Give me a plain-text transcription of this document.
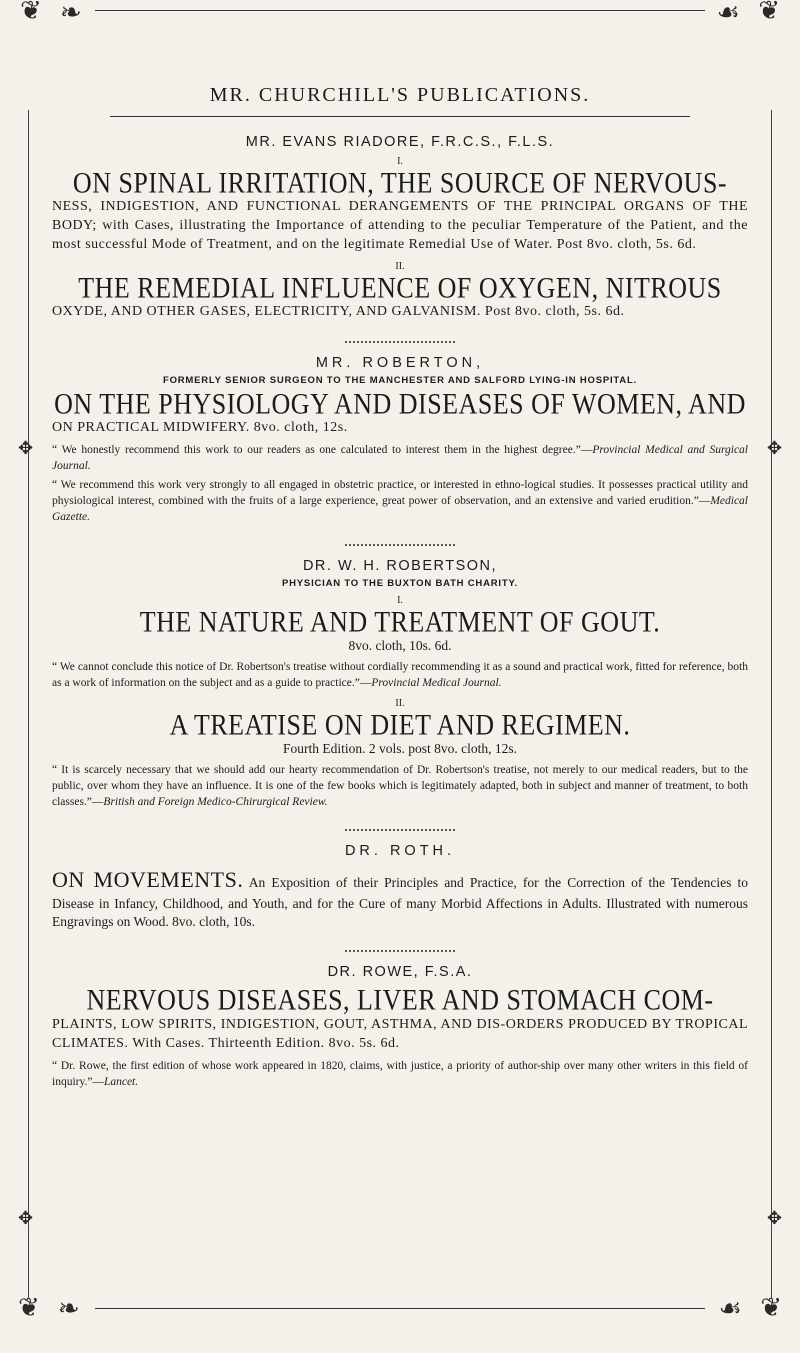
❦ ❧	❦
☙
❦ ❧	❦
☙
✥	✥
✥	✥
MR. CHURCHILL'S PUBLICATIONS.
MR. EVANS RIADORE, F.R.C.S., F.L.S.
I.
ON SPINAL IRRITATION, THE SOURCE OF NERVOUS-
NESS, INDIGESTION, AND FUNCTIONAL DERANGEMENTS OF THE PRINCIPAL ORGANS OF THE BODY; with Cases, illustrating the Importance of attending to the peculiar Temperature of the Patient, and the most successful Mode of Treatment, and on the legitimate Remedial Use of Water. Post 8vo. cloth, 5s. 6d.
II.
THE REMEDIAL INFLUENCE OF OXYGEN, NITROUS
OXYDE, AND OTHER GASES, ELECTRICITY, AND GALVANISM. Post 8vo. cloth, 5s. 6d.
MR. ROBERTON,
FORMERLY SENIOR SURGEON TO THE MANCHESTER AND SALFORD LYING-IN HOSPITAL.
ON THE PHYSIOLOGY AND DISEASES OF WOMEN, AND
ON PRACTICAL MIDWIFERY. 8vo. cloth, 12s.
“ We honestly recommend this work to our readers as one calculated to interest them in the highest degree.”—Provincial Medical and Surgical Journal.
“ We recommend this work very strongly to all engaged in obstetric practice, or interested in ethno-logical studies. It possesses practical utility and physiological interest, combined with the fruits of a large experience, great power of observation, and an extensive and varied erudition.”—Medical Gazette.
DR. W. H. ROBERTSON,
PHYSICIAN TO THE BUXTON BATH CHARITY.
I.
THE NATURE AND TREATMENT OF GOUT.
8vo. cloth, 10s. 6d.
“ We cannot conclude this notice of Dr. Robertson's treatise without cordially recommending it as a sound and practical work, fitted for reference, both as a work of information on the subject and as a guide to practice.”—Provincial Medical Journal.
II.
A TREATISE ON DIET AND REGIMEN.
Fourth Edition. 2 vols. post 8vo. cloth, 12s.
“ It is scarcely necessary that we should add our hearty recommendation of Dr. Robertson's treatise, not merely to our medical readers, but to the public, over whom they have an influence. It is one of the few books which is legitimately adapted, both in subject and manner of treatment, to both classes.”—British and Foreign Medico-Chirurgical Review.
DR. ROTH.
ON MOVEMENTS. An Exposition of their Principles and Practice, for the Correction of the Tendencies to Disease in Infancy, Childhood, and Youth, and for the Cure of many Morbid Affections in Adults. Illustrated with numerous Engravings on Wood. 8vo. cloth, 10s.
DR. ROWE, F.S.A.
NERVOUS DISEASES, LIVER AND STOMACH COM-
PLAINTS, LOW SPIRITS, INDIGESTION, GOUT, ASTHMA, AND DIS-ORDERS PRODUCED BY TROPICAL CLIMATES. With Cases. Thirteenth Edition. 8vo. 5s. 6d.
“ Dr. Rowe, the first edition of whose work appeared in 1820, claims, with justice, a priority of author-ship over many other writers in this field of inquiry.”—Lancet.
